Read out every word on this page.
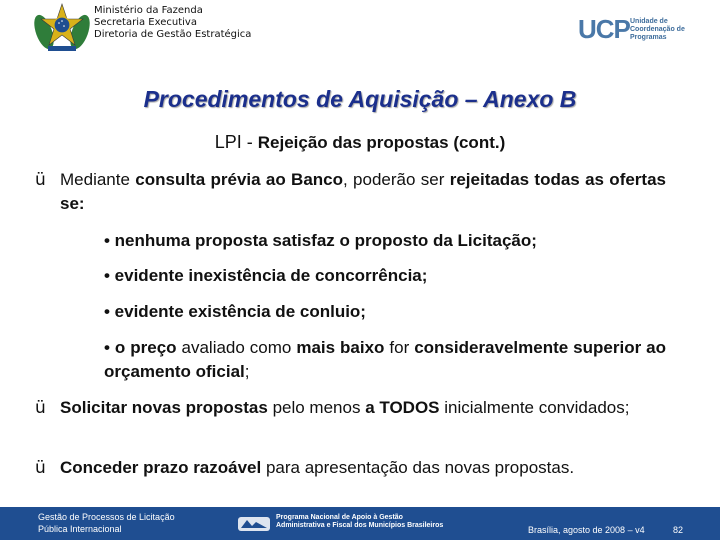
Ministério da Fazenda
Secretaria Executiva
Diretoria de Gestão Estratégica	UCP Unidade de
Coordenação de
Programas
Procedimentos de Aquisição – Anexo B
LPI - Rejeição das propostas (cont.)
ü Mediante consulta prévia ao Banco, poderão ser rejeitadas todas as ofertas se:
• nenhuma proposta satisfaz o proposto da Licitação;
• evidente inexistência de concorrência;
• evidente existência de conluio;
• o preço avaliado como mais baixo for consideravelmente superior ao orçamento oficial;
ü Solicitar novas propostas pelo menos a TODOS inicialmente convidados;
ü Conceder prazo razoável para apresentação das novas propostas.
Gestão de Processos de Licitação
Pública Internacional
Programa Nacional de Apoio à Gestão
Administrativa e Fiscal dos Municípios Brasileiros	Brasília, agosto de 2008 – v4	82
